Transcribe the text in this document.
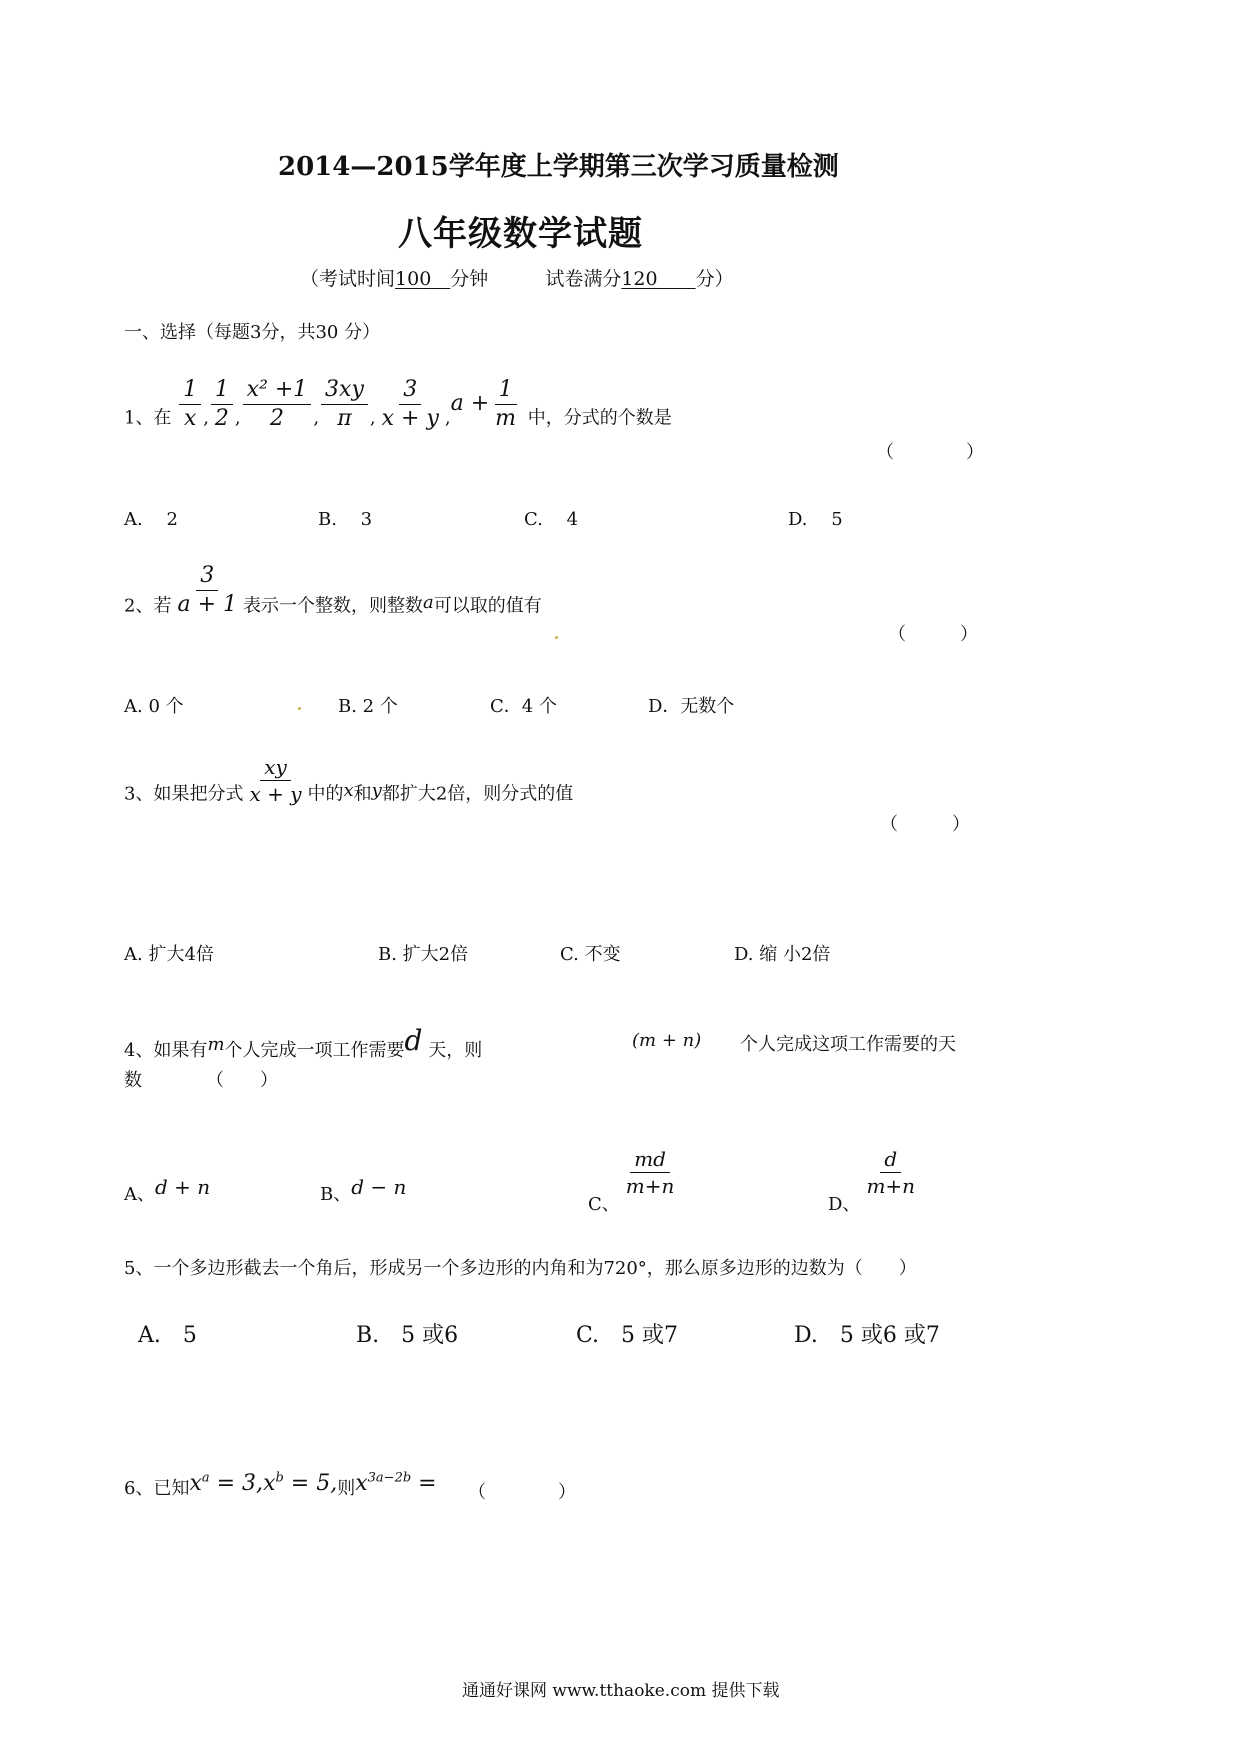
2014—2015学年度上学期第三次学习质量检测
八年级数学试题
（考试时间100　 分钟　　　	试卷满分120　　 分）
一、选择（每题3分，共30 分）
1、在 $\frac{1}{x}$ , $\frac{1}{2}$ , $\frac{\text{x² +1}}{2}$ , $\frac{3xy}{\pi}$ , $\frac{3}{x + y} ,a + \frac{1}{m}$ 中，分式的个数是
（　　　　）
A.　 2	B.　 3	C.　 4	D.　 5
2、若 $\frac{3}{a + 1}$ 表示一个整数，则整数a可以取的值有
（　　　）
A. 0 个	B. 2 个	C．4 个	D．无数个
3、如果把分式 $\frac{xy}{x + y}$ 中的x和y都扩大2倍，则分式的值
（　　　）
A. 扩大4倍	B. 扩大2倍	C. 不变	D. 缩 小2倍
4、如果有m个人完成一项工作需要d 天，则	(m + n) 个人完成这项工作需要的天
数	（　　）
A、d + n	B、d − n
C、
$\frac{md}{m+n}$
D、
$\frac{d}{m+n}$
5、一个多边形截去一个角后，形成另一个多边形的内角和为720°，那么原多边形的边数为（　　）
A.　5	B.　5 或6	C.　5 或7	D.　5 或6 或7
6、已知$x^a = 3,x^b = 5$,则$x^{3a-2b}$ = （　　　　）
通通好课网 www.tthaoke.com 提供下载
